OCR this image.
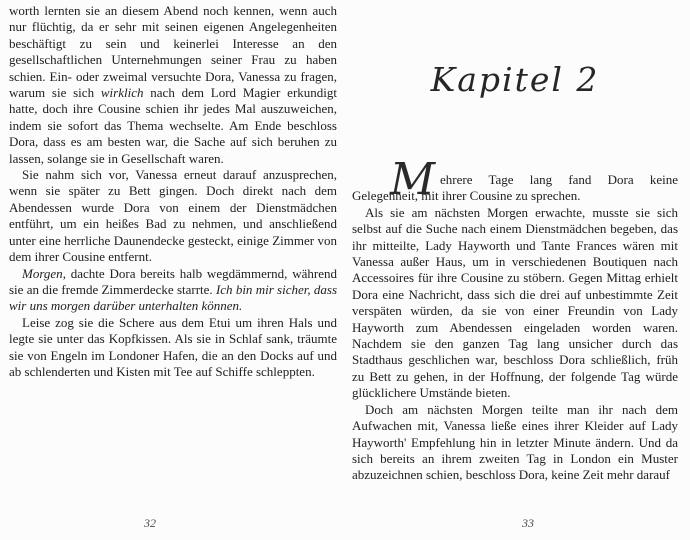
worth lernten sie an diesem Abend noch kennen, wenn auch nur flüchtig, da er sehr mit seinen eigenen Angelegenheiten beschäftigt zu sein und keinerlei Interesse an den gesellschaftlichen Unternehmungen seiner Frau zu haben schien. Ein- oder zweimal versuchte Dora, Vanessa zu fragen, warum sie sich wirklich nach dem Lord Magier erkundigt hatte, doch ihre Cousine schien ihr jedes Mal auszuweichen, indem sie sofort das Thema wechselte. Am Ende beschloss Dora, dass es am besten war, die Sache auf sich beruhen zu lassen, solange sie in Gesellschaft waren.

Sie nahm sich vor, Vanessa erneut darauf anzusprechen, wenn sie später zu Bett gingen. Doch direkt nach dem Abendessen wurde Dora von einem der Dienstmädchen entführt, um ein heißes Bad zu nehmen, und anschließend unter eine herrliche Daunendecke gesteckt, einige Zimmer von dem ihrer Cousine entfernt.

Morgen, dachte Dora bereits halb wegdämmernd, während sie an die fremde Zimmerdecke starrte. Ich bin mir sicher, dass wir uns morgen darüber unterhalten können.

Leise zog sie die Schere aus dem Etui um ihren Hals und legte sie unter das Kopfkissen. Als sie in Schlaf sank, träumte sie von Engeln im Londoner Hafen, die an den Docks auf und ab schlenderten und Kisten mit Tee auf Schiffe schleppten.

Kapitel 2

M ehrere Tage lang fand Dora keine Gelegenheit, mit ihrer Cousine zu sprechen.

Als sie am nächsten Morgen erwachte, musste sie sich selbst auf die Suche nach einem Dienstmädchen begeben, das ihr mitteilte, Lady Hayworth und Tante Frances wären mit Vanessa außer Haus, um in verschiedenen Boutiquen nach Accessoires für ihre Cousine zu stöbern. Gegen Mittag erhielt Dora eine Nachricht, dass sich die drei auf unbestimmte Zeit verspäten würden, da sie von einer Freundin von Lady Hayworth zum Abendessen eingeladen worden waren. Nachdem sie den ganzen Tag lang unsicher durch das Stadthaus geschlichen war, beschloss Dora schließlich, früh zu Bett zu gehen, in der Hoffnung, der folgende Tag würde glücklichere Umstände bieten.

Doch am nächsten Morgen teilte man ihr nach dem Aufwachen mit, Vanessa ließe eines ihrer Kleider auf Lady Hayworth' Empfehlung hin in letzter Minute ändern. Und da sich bereits an ihrem zweiten Tag in London ein Muster abzuzeichnen schien, beschloss Dora, keine Zeit mehr darauf

32	33
